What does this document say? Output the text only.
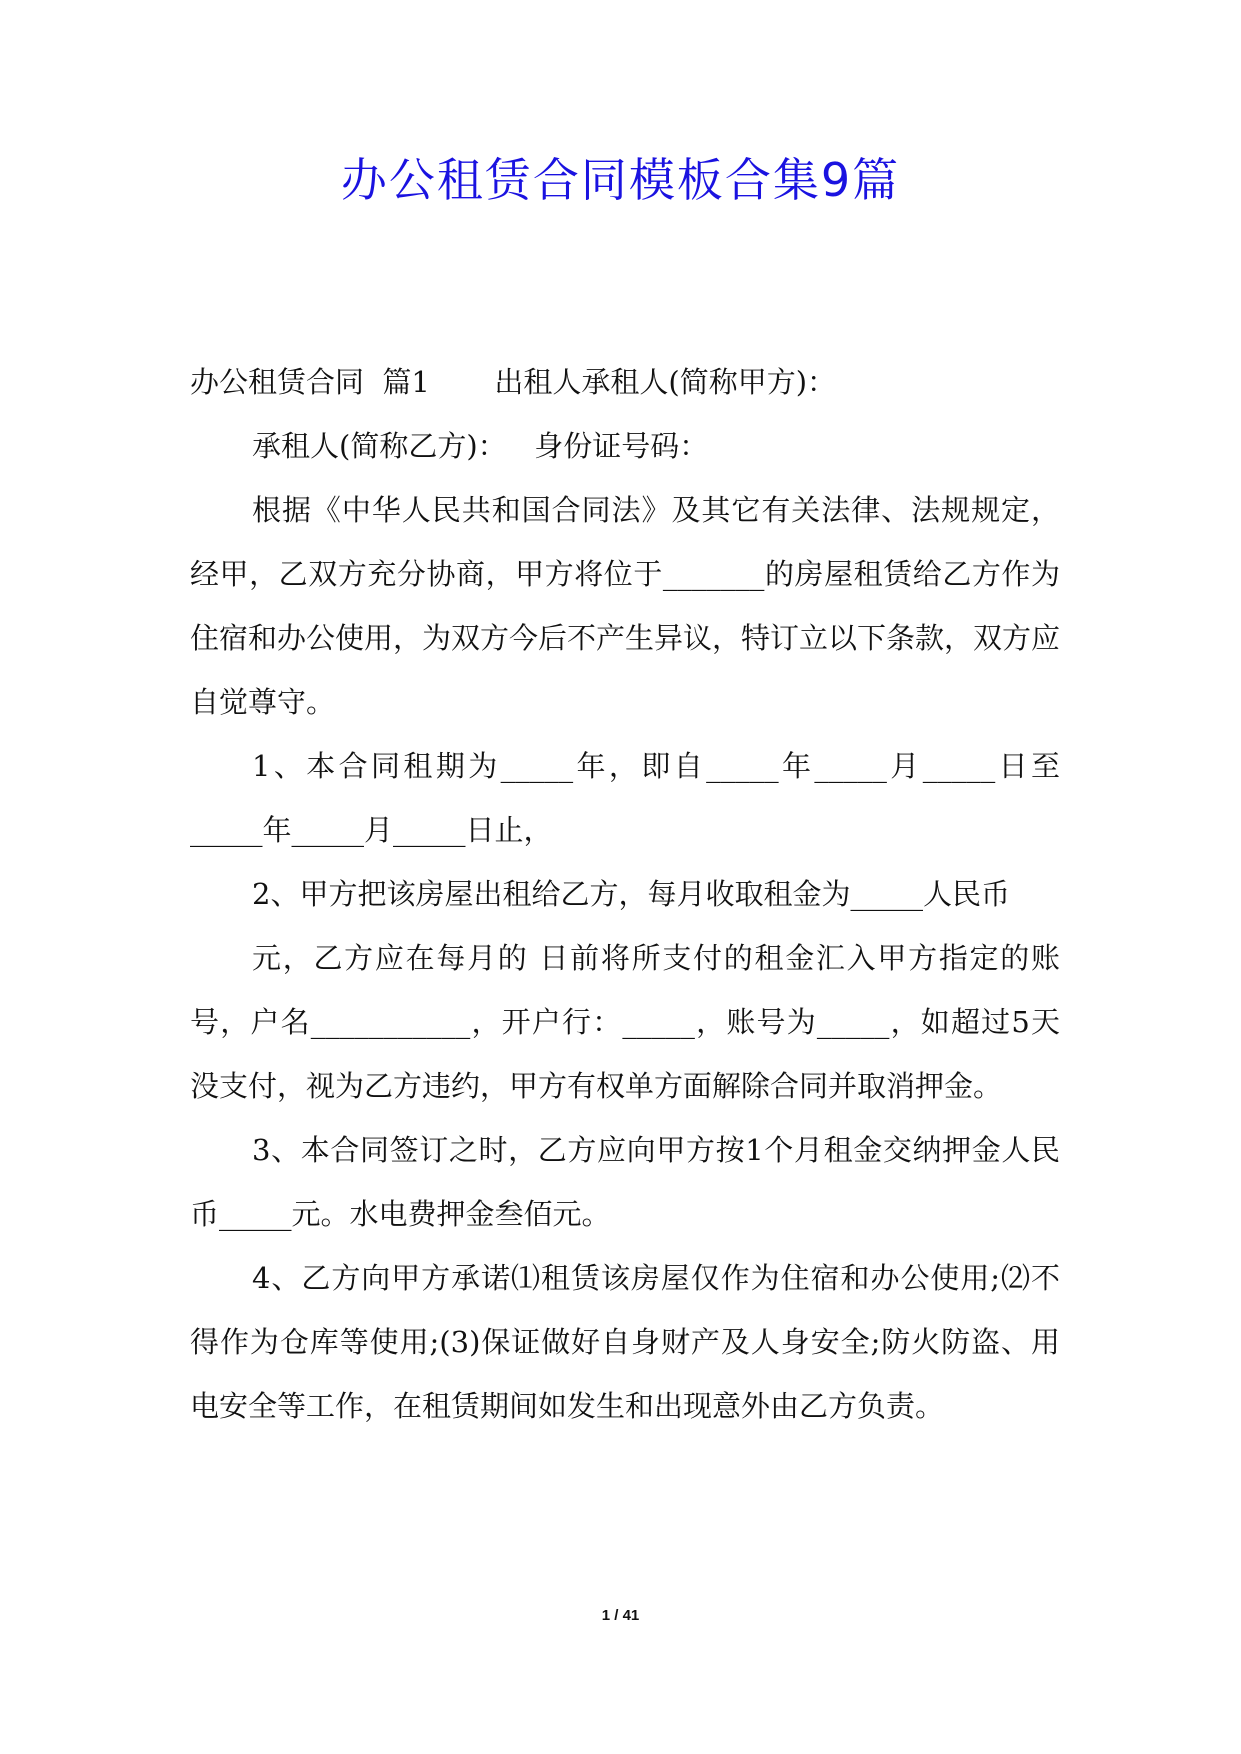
办公租赁合同模板合集9篇

办公租赁合同  篇1       出租人承租人(简称甲方)：

承租人(简称乙方)：   身份证号码：

根据《中华人民共和国合同法》及其它有关法律、法规规定，经甲，乙双方充分协商，甲方将位于_______的房屋租赁给乙方作为住宿和办公使用，为双方今后不产生异议，特订立以下条款，双方应自觉尊守。

1、本合同租期为_____年，即自_____年_____月_____日至_____年_____月_____日止，

2、甲方把该房屋出租给乙方，每月收取租金为_____人民币

元，乙方应在每月的 日前将所支付的租金汇入甲方指定的账号，户名___________，开户行：_____，账号为_____，如超过5天没支付，视为乙方违约，甲方有权单方面解除合同并取消押金。

3、本合同签订之时，乙方应向甲方按1个月租金交纳押金人民币_____元。水电费押金叁佰元。

4、乙方向甲方承诺⑴租赁该房屋仅作为住宿和办公使用;⑵不得作为仓库等使用;(3)保证做好自身财产及人身安全;防火防盗、用电安全等工作，在租赁期间如发生和出现意外由乙方负责。

1 / 41
